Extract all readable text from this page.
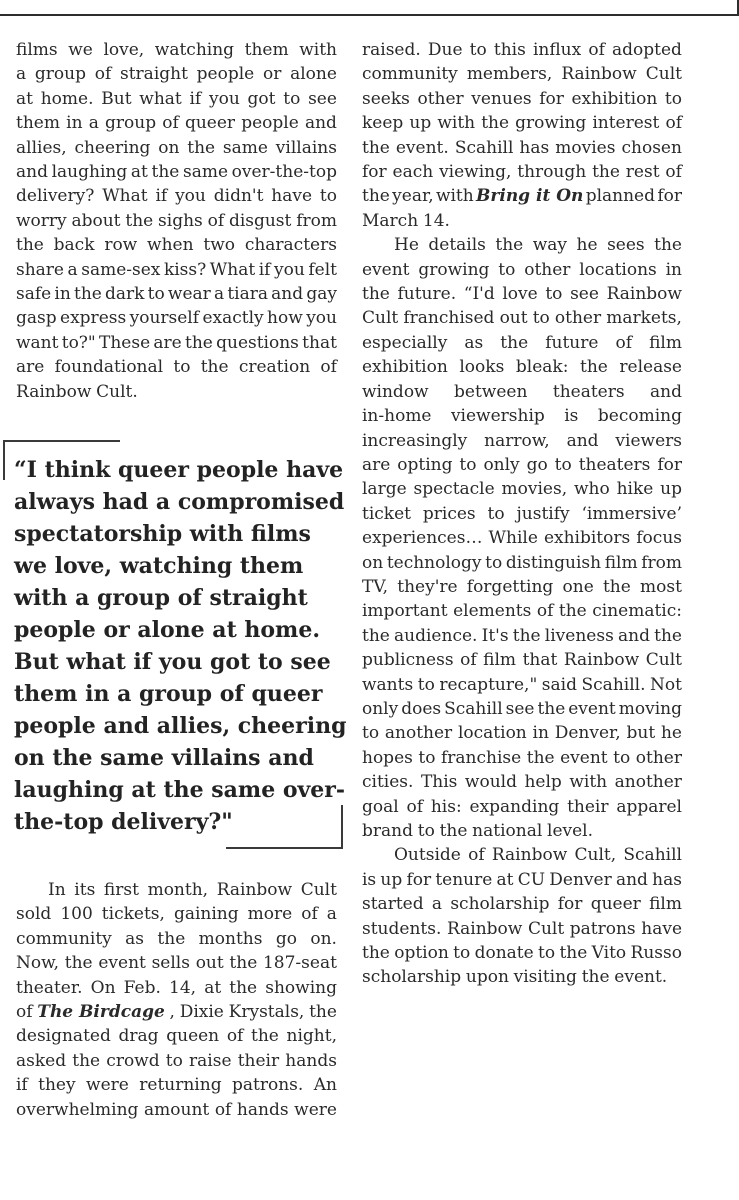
films we love, watching them with
a group of straight people or alone
at home. But what if you got to see
them in a group of queer people and
allies, cheering on the same villains
and laughing at the same over-the-top
delivery? What if you didn't have to
worry about the sighs of disgust from
the back row when two characters
share a same-sex kiss? What if you felt
safe in the dark to wear a tiara and gay
gasp express yourself exactly how you
want to?" These are the questions that
are foundational to the creation of
Rainbow Cult.
“I think queer people have
always had a compromised
spectatorship with films
we love, watching them
with a group of straight
people or alone at home.
But what if you got to see
them in a group of queer
people and allies, cheering
on the same villains and
laughing at the same over-
the-top delivery?"
In its first month, Rainbow Cult
sold 100 tickets, gaining more of a
community as the months go on.
Now, the event sells out the 187-seat
theater. On Feb. 14, at the showing
of The Birdcage , Dixie Krystals, the
designated drag queen of the night,
asked the crowd to raise their hands
if they were returning patrons. An
overwhelming amount of hands were
raised. Due to this influx of adopted
community members, Rainbow Cult
seeks other venues for exhibition to
keep up with the growing interest of
the event. Scahill has movies chosen
for each viewing, through the rest of
the year, with Bring it On planned for
March 14.
He details the way he sees the
event growing to other locations in
the future. “I'd love to see Rainbow
Cult franchised out to other markets,
especially as the future of film
exhibition looks bleak: the release
window between theaters and
in-home viewership is becoming
increasingly narrow, and viewers
are opting to only go to theaters for
large spectacle movies, who hike up
ticket prices to justify ‘immersive’
experiences… While exhibitors focus
on technology to distinguish film from
TV, they're forgetting one the most
important elements of the cinematic:
the audience. It's the liveness and the
publicness of film that Rainbow Cult
wants to recapture," said Scahill. Not
only does Scahill see the event moving
to another location in Denver, but he
hopes to franchise the event to other
cities. This would help with another
goal of his: expanding their apparel
brand to the national level.
Outside of Rainbow Cult, Scahill
is up for tenure at CU Denver and has
started a scholarship for queer film
students. Rainbow Cult patrons have
the option to donate to the Vito Russo
scholarship upon visiting the event.
